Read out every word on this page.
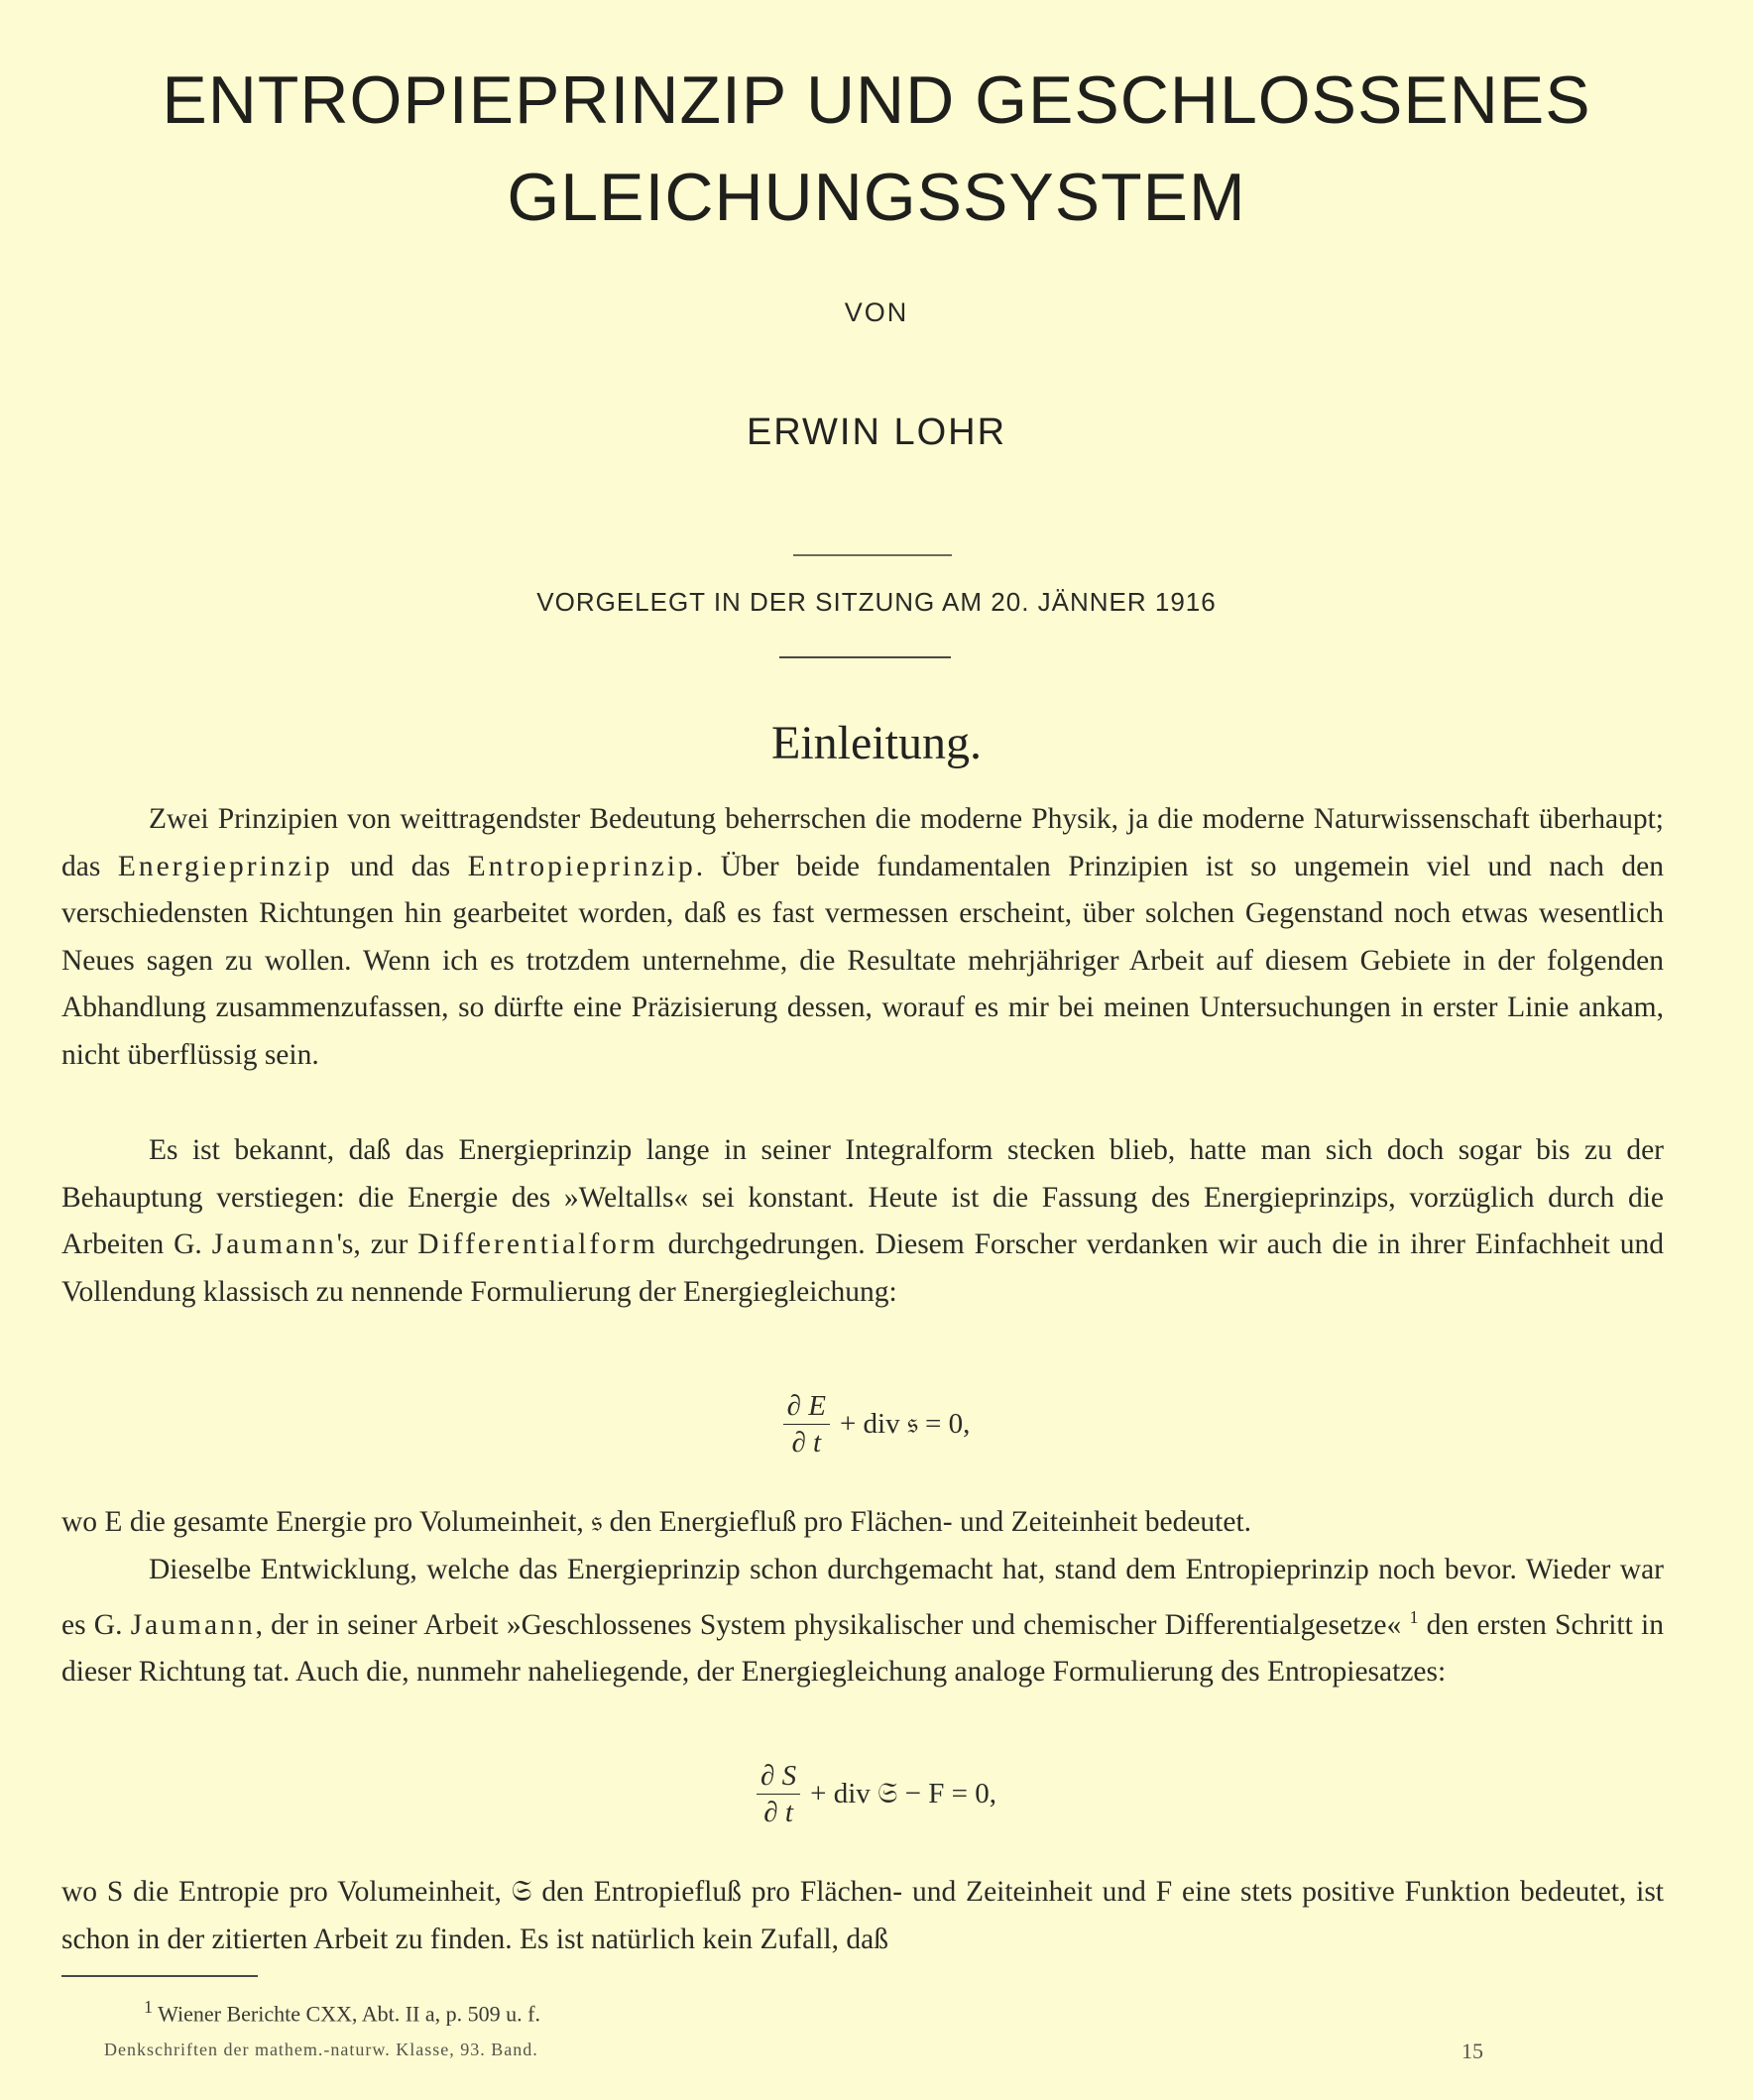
ENTROPIEPRINZIP UND GESCHLOSSENES
GLEICHUNGSSYSTEM
VON
ERWIN LOHR
VORGELEGT IN DER SITZUNG AM 20. JÄNNER 1916
Einleitung.

Zwei Prinzipien von weittragendster Bedeutung beherrschen die moderne Physik, ja die moderne Naturwissenschaft überhaupt; das Energieprinzip und das Entropieprinzip. Über beide fundamentalen Prinzipien ist so ungemein viel und nach den verschiedensten Richtungen hin gearbeitet worden, daß es fast vermessen erscheint, über solchen Gegenstand noch etwas wesentlich Neues sagen zu wollen. Wenn ich es trotzdem unternehme, die Resultate mehrjähriger Arbeit auf diesem Gebiete in der folgenden Abhandlung zusammenzufassen, so dürfte eine Präzisierung dessen, worauf es mir bei meinen Untersuchungen in erster Linie ankam, nicht überflüssig sein.

Es ist bekannt, daß das Energieprinzip lange in seiner Integralform stecken blieb, hatte man sich doch sogar bis zu der Behauptung verstiegen: die Energie des »Weltalls« sei konstant. Heute ist die Fassung des Energieprinzips, vorzüglich durch die Arbeiten G. Jaumann's, zur Differentialform durchgedrungen. Diesem Forscher verdanken wir auch die in ihrer Einfachheit und Vollendung klassisch zu nennende Formulierung der Energiegleichung:

$\frac{\partial E}{\partial t}$ + div 𝔰 = 0,

wo E die gesamte Energie pro Volumeinheit, 𝔰 den Energiefluß pro Flächen- und Zeiteinheit bedeutet.

Dieselbe Entwicklung, welche das Energieprinzip schon durchgemacht hat, stand dem Entropieprinzip noch bevor. Wieder war es G. Jaumann, der in seiner Arbeit »Geschlossenes System physikalischer und chemischer Differentialgesetze« $^1$ den ersten Schritt in dieser Richtung tat. Auch die, nunmehr naheliegende, der Energiegleichung analoge Formulierung des Entropiesatzes:

$\frac{\partial S}{\partial t}$ + div 𝔖 − F = 0,

wo S die Entropie pro Volumeinheit, 𝔖 den Entropiefluß pro Flächen- und Zeiteinheit und F eine stets positive Funktion bedeutet, ist schon in der zitierten Arbeit zu finden. Es ist natürlich kein Zufall, daß

$^1$ Wiener Berichte CXX, Abt. II a, p. 509 u. f.
Denkschriften der mathem.-naturw. Klasse, 93. Band.	15
